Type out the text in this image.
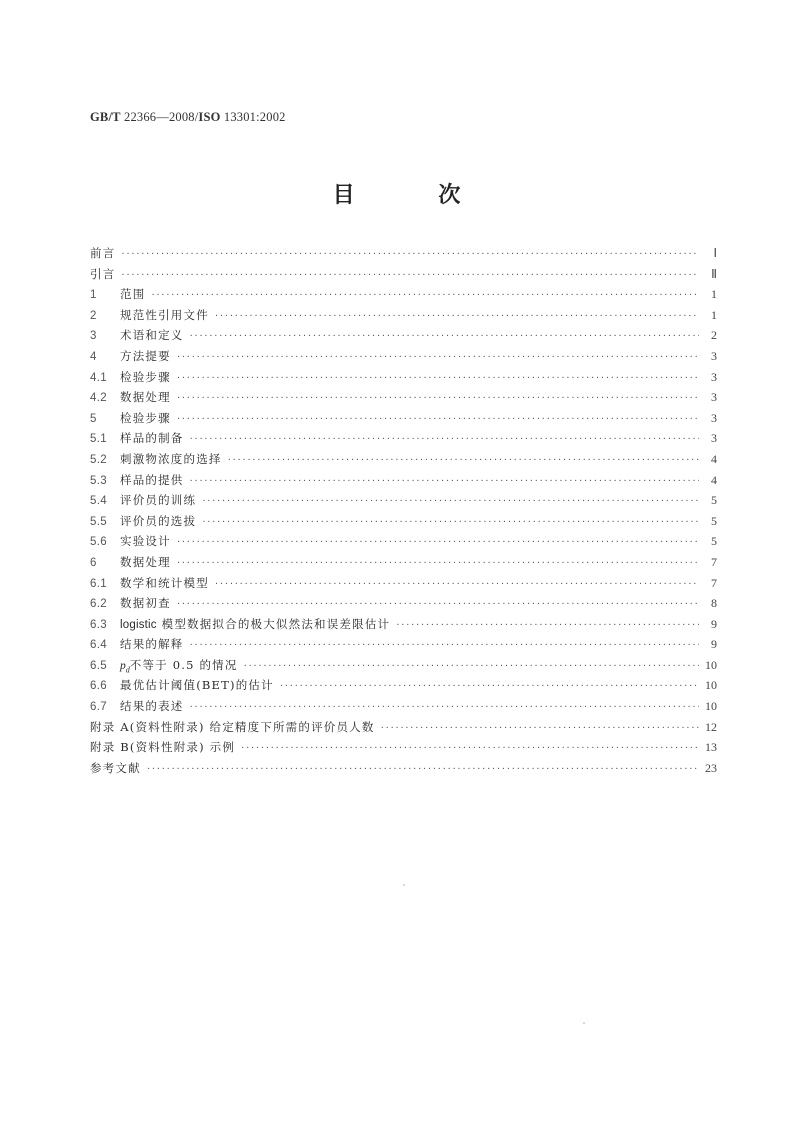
GB/T 22366—2008/ISO 13301:2002
目 次
前言 ·····	Ⅰ
引言 ·····	Ⅱ
1	范围 ·····	1
2	规范性引用文件 ·····	1
3	术语和定义 ·····	2
4	方法提要 ·····	3
4.1	检验步骤 ·····	3
4.2	数据处理 ·····	3
5	检验步骤 ·····	3
5.1	样品的制备 ·····	3
5.2	刺激物浓度的选择 ·····	4
5.3	样品的提供 ·····	4
5.4	评价员的训练 ·····	5
5.5	评价员的选拔 ·····	5
5.6	实验设计 ·····	5
6	数据处理 ·····	7
6.1	数学和统计模型 ·····	7
6.2	数据初查 ·····	8
6.3	logistic 模型数据拟合的极大似然法和误差限估计 ·····	9
6.4	结果的解释 ·····	9
6.5	$p_d$不等于 0.5 的情况 ·····	10
6.6	最优估计阈值(BET)的估计 ·····	10
6.7	结果的表述 ·····	10
附录 A(资料性附录) 给定精度下所需的评价员人数 ·····	12
附录 B(资料性附录) 示例 ·····	13
参考文献 ·····	23
